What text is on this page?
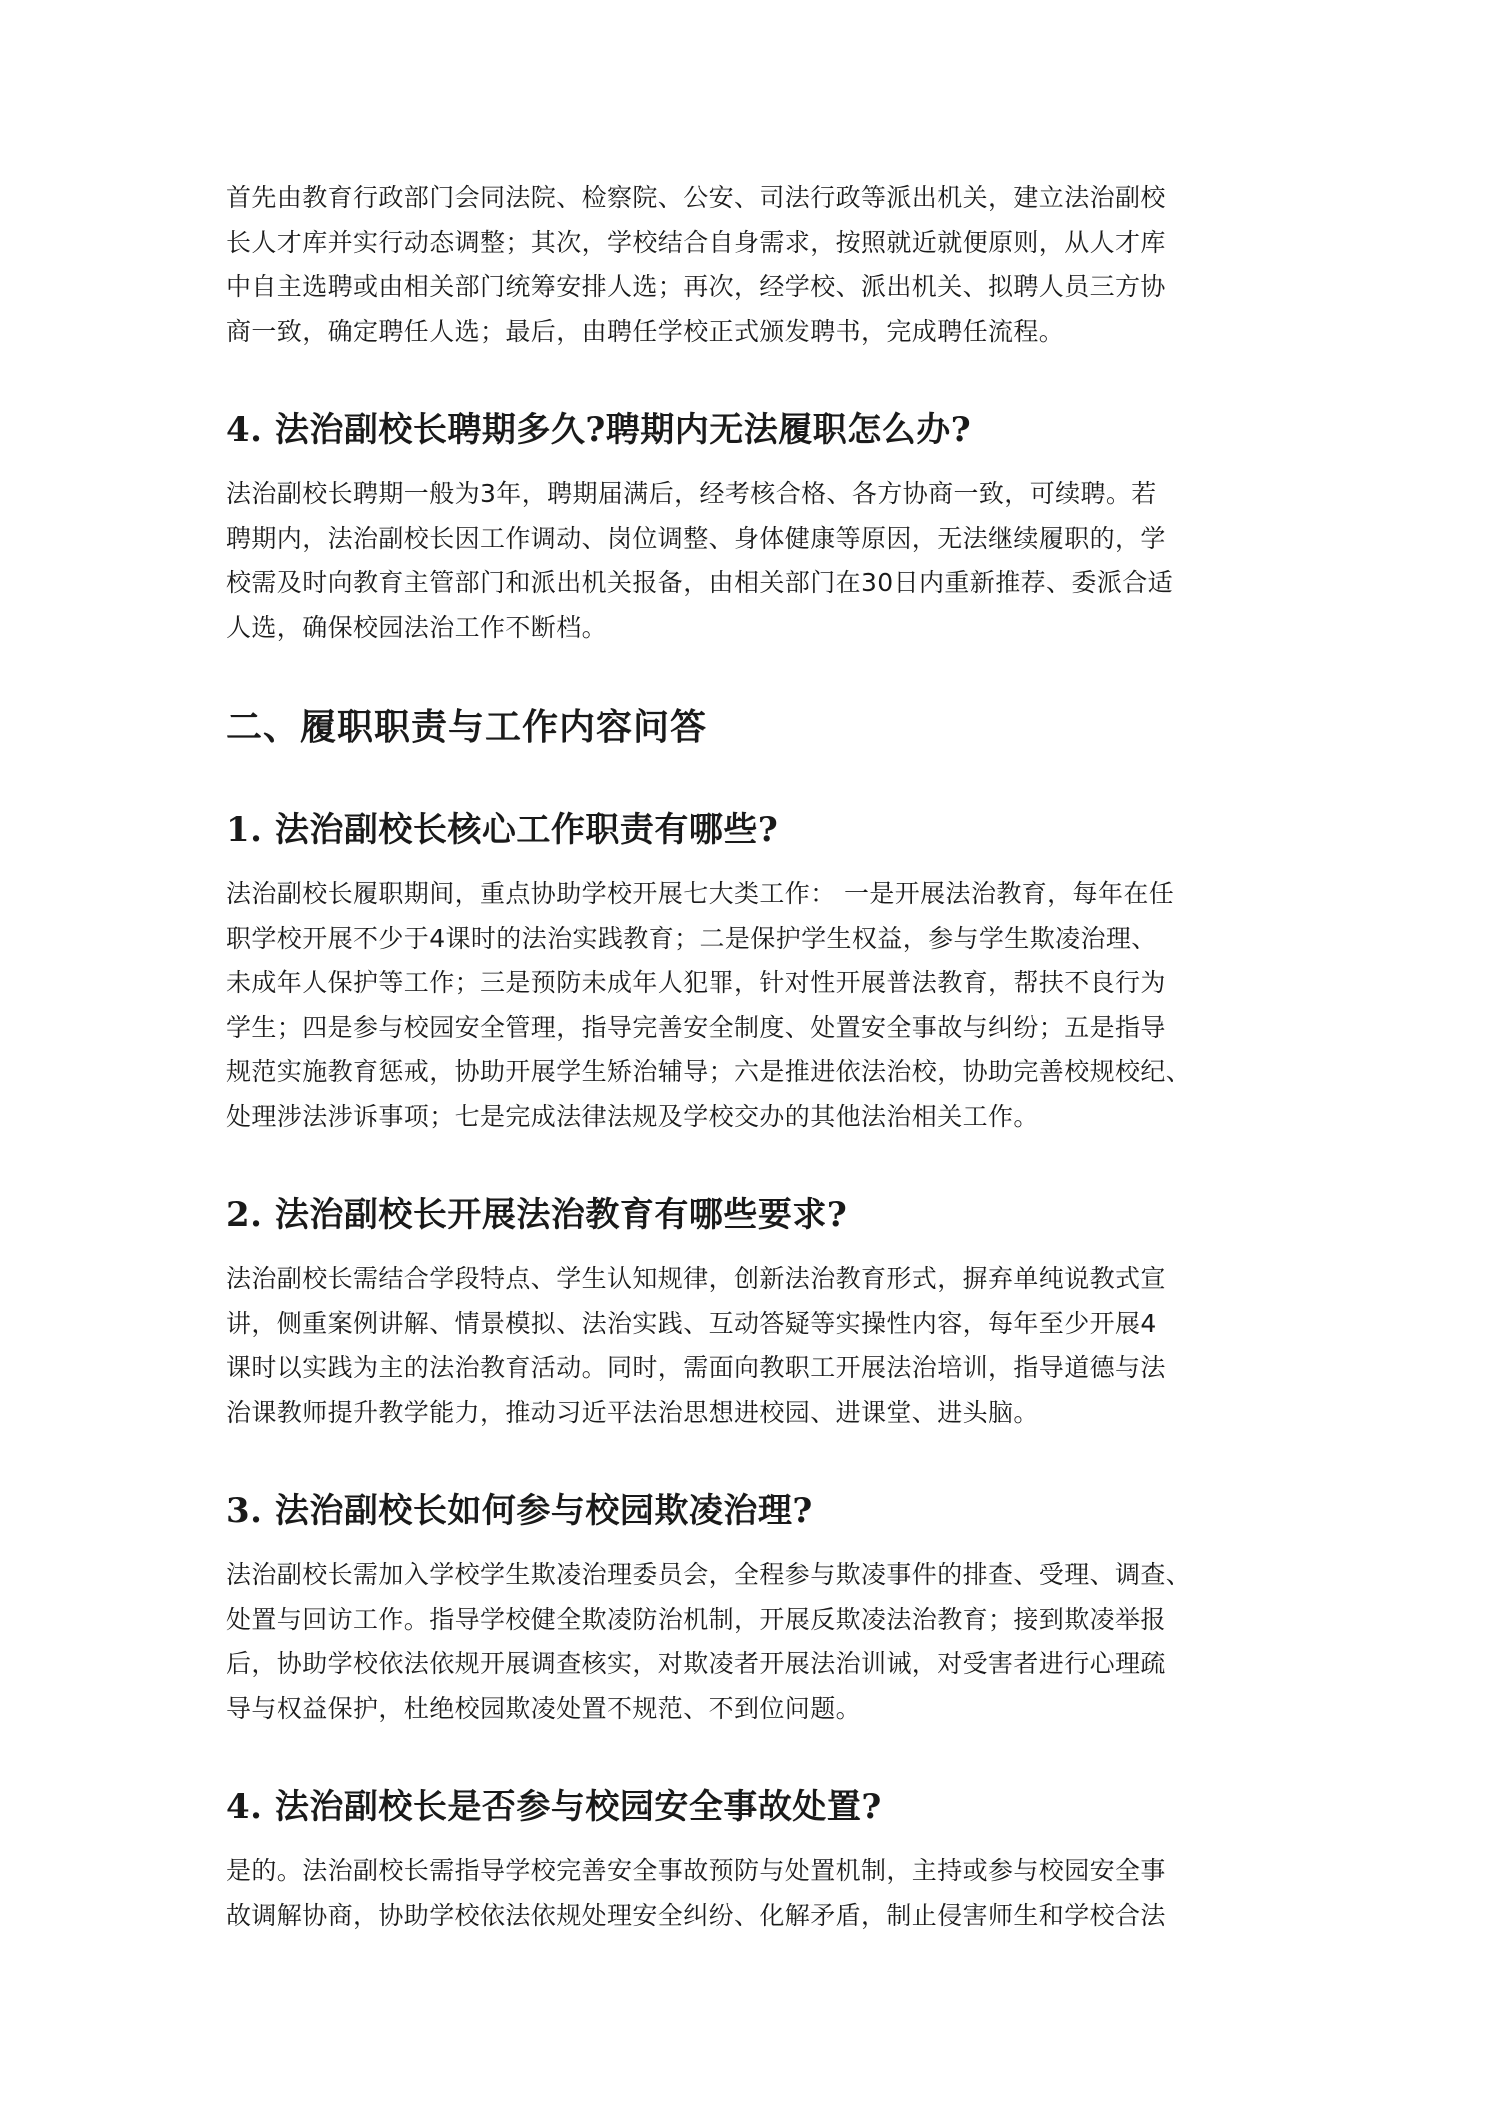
首先由教育行政部门会同法院、检察院、公安、司法行政等派出机关，建立法治副校
长人才库并实行动态调整；其次，学校结合自身需求，按照就近就便原则，从人才库
中自主选聘或由相关部门统筹安排人选；再次，经学校、派出机关、拟聘人员三方协
商一致，确定聘任人选；最后，由聘任学校正式颁发聘书，完成聘任流程。

4. 法治副校长聘期多久?聘期内无法履职怎么办?

法治副校长聘期一般为3年，聘期届满后，经考核合格、各方协商一致，可续聘。若
聘期内，法治副校长因工作调动、岗位调整、身体健康等原因，无法继续履职的，学
校需及时向教育主管部门和派出机关报备，由相关部门在30日内重新推荐、委派合适
人选，确保校园法治工作不断档。

二、履职职责与工作内容问答
1. 法治副校长核心工作职责有哪些?

法治副校长履职期间，重点协助学校开展七大类工作： 一是开展法治教育，每年在任
职学校开展不少于4课时的法治实践教育；二是保护学生权益，参与学生欺凌治理、
未成年人保护等工作；三是预防未成年人犯罪，针对性开展普法教育，帮扶不良行为
学生；四是参与校园安全管理，指导完善安全制度、处置安全事故与纠纷；五是指导
规范实施教育惩戒，协助开展学生矫治辅导；六是推进依法治校，协助完善校规校纪、
处理涉法涉诉事项；七是完成法律法规及学校交办的其他法治相关工作。

2. 法治副校长开展法治教育有哪些要求?

法治副校长需结合学段特点、学生认知规律，创新法治教育形式，摒弃单纯说教式宣
讲，侧重案例讲解、情景模拟、法治实践、互动答疑等实操性内容，每年至少开展4
课时以实践为主的法治教育活动。同时，需面向教职工开展法治培训，指导道德与法
治课教师提升教学能力，推动习近平法治思想进校园、进课堂、进头脑。

3. 法治副校长如何参与校园欺凌治理?

法治副校长需加入学校学生欺凌治理委员会，全程参与欺凌事件的排查、受理、调查、
处置与回访工作。指导学校健全欺凌防治机制，开展反欺凌法治教育；接到欺凌举报
后，协助学校依法依规开展调查核实，对欺凌者开展法治训诫，对受害者进行心理疏
导与权益保护，杜绝校园欺凌处置不规范、不到位问题。

4. 法治副校长是否参与校园安全事故处置?

是的。法治副校长需指导学校完善安全事故预防与处置机制，主持或参与校园安全事
故调解协商，协助学校依法依规处理安全纠纷、化解矛盾，制止侵害师生和学校合法
